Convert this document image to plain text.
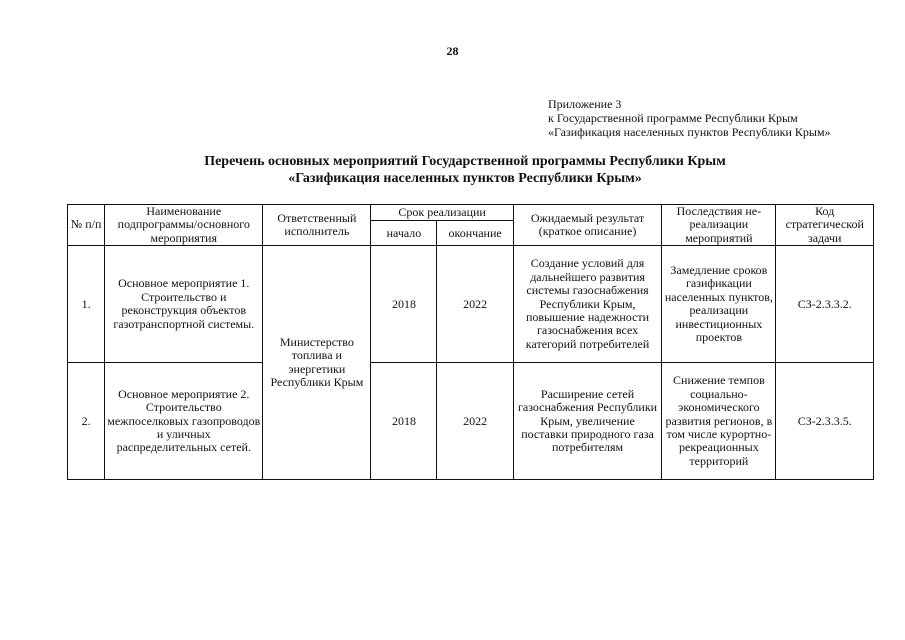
28
Приложение 3
к Государственной программе Республики Крым
«Газификация населенных пунктов Республики Крым»
Перечень основных мероприятий Государственной программы Республики Крым
«Газификация населенных пунктов Республики Крым»
№ п/п	Наименование подпрограммы/основного мероприятия	Ответственный исполнитель	Срок реализации		Ожидаемый результат (краткое описание)	Последствия не-реализации мероприятий	Код стратегической задачи
			начало	окончание			
1.	Основное мероприятие 1. Строительство и реконструкция объектов газотранспортной системы.	Министерство топлива и энергетики Республики Крым	2018	2022	Создание условий для дальнейшего развития системы газоснабжения Республики Крым, повышение надежности газоснабжения всех категорий потребителей	Замедление сроков газификации населенных пунктов, реализации инвестиционных проектов	СЗ-2.3.3.2.
2.	Основное мероприятие 2. Строительство межпоселковых газопроводов и уличных распределительных сетей.		2018	2022	Расширение сетей газоснабжения Республики Крым, увеличение поставки природного газа потребителям	Снижение темпов социально-экономического развития регионов, в том числе курортно-рекреационных территорий	СЗ-2.3.3.5.
